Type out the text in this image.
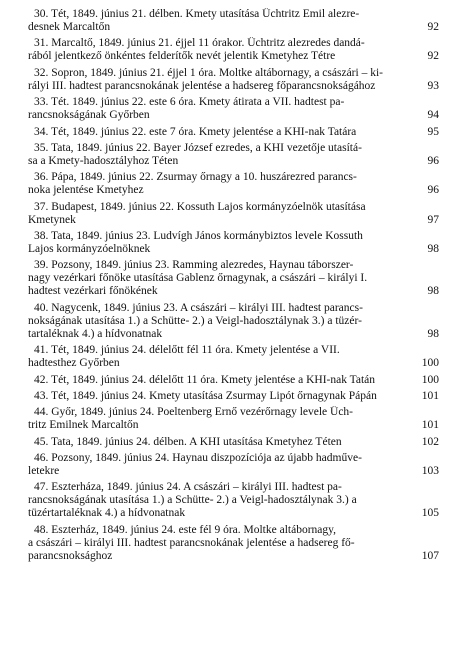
30. Tét, 1849. június 21. délben. Kmety utasítása Üchtritz Emil alezre-
desnek Marcaltőn	92
31. Marcaltő, 1849. június 21. éjjel 11 órakor. Üchtritz alezredes dandá-
rából jelentkező önkéntes felderítők nevét jelentik Kmetyhez Tétre	92
32. Sopron, 1849. június 21. éjjel 1 óra. Moltke altábornagy, a császári – ki-
rályi III. hadtest parancsnokának jelentése a hadsereg főparancsnokságához	93
33. Tét. 1849. június 22. este 6 óra. Kmety átirata a VII. hadtest pa-
rancsnokságának Győrben	94
34. Tét, 1849. június 22. este 7 óra. Kmety jelentése a KHI-nak Tatára	95
35. Tata, 1849. június 22. Bayer József ezredes, a KHI vezetője utasítá-
sa a Kmety-hadosztályhoz Téten	96
36. Pápa, 1849. június 22. Zsurmay őrnagy a 10. huszárezred parancs-
noka jelentése Kmetyhez	96
37. Budapest, 1849. június 22. Kossuth Lajos kormányzóelnök utasítása
Kmetynek	97
38. Tata, 1849. június 23. Ludvígh János kormánybiztos levele Kossuth
Lajos kormányzóelnöknek	98
39. Pozsony, 1849. június 23. Ramming alezredes, Haynau táborszer-
nagy vezérkari főnöke utasítása Gablenz őrnagynak, a császári – királyi I.
hadtest vezérkari főnökének	98
40. Nagycenk, 1849. június 23. A császári – királyi III. hadtest parancs-
nokságának utasítása 1.) a Schütte- 2.) a Veigl-hadosztálynak 3.) a tüzér-
tartaléknak 4.) a hídvonatnak	98
41. Tét, 1849. június 24. délelőtt fél 11 óra. Kmety jelentése a VII.
hadtesthez Győrben	100
42. Tét, 1849. június 24. délelőtt 11 óra. Kmety jelentése a KHI-nak Tatán	100
43. Tét, 1849. június 24. Kmety utasítása Zsurmay Lipót őrnagynak Pápán	101
44. Győr, 1849. június 24. Poeltenberg Ernő vezérőrnagy levele Üch-
tritz Emilnek Marcaltőn	101
45. Tata, 1849. június 24. délben. A KHI utasítása Kmetyhez Téten	102
46. Pozsony, 1849. június 24. Haynau diszpozíciója az újabb hadműve-
letekre	103
47. Eszterháza, 1849. június 24. A császári – királyi III. hadtest pa-
rancsnokságának utasítása 1.) a Schütte- 2.) a Veigl-hadosztálynak 3.) a
tüzértartaléknak 4.) a hídvonatnak	105
48. Eszterház, 1849. június 24. este fél 9 óra. Moltke altábornagy,
a császári – királyi III. hadtest parancsnokának jelentése a hadsereg fő-
parancsnoksághoz	107
